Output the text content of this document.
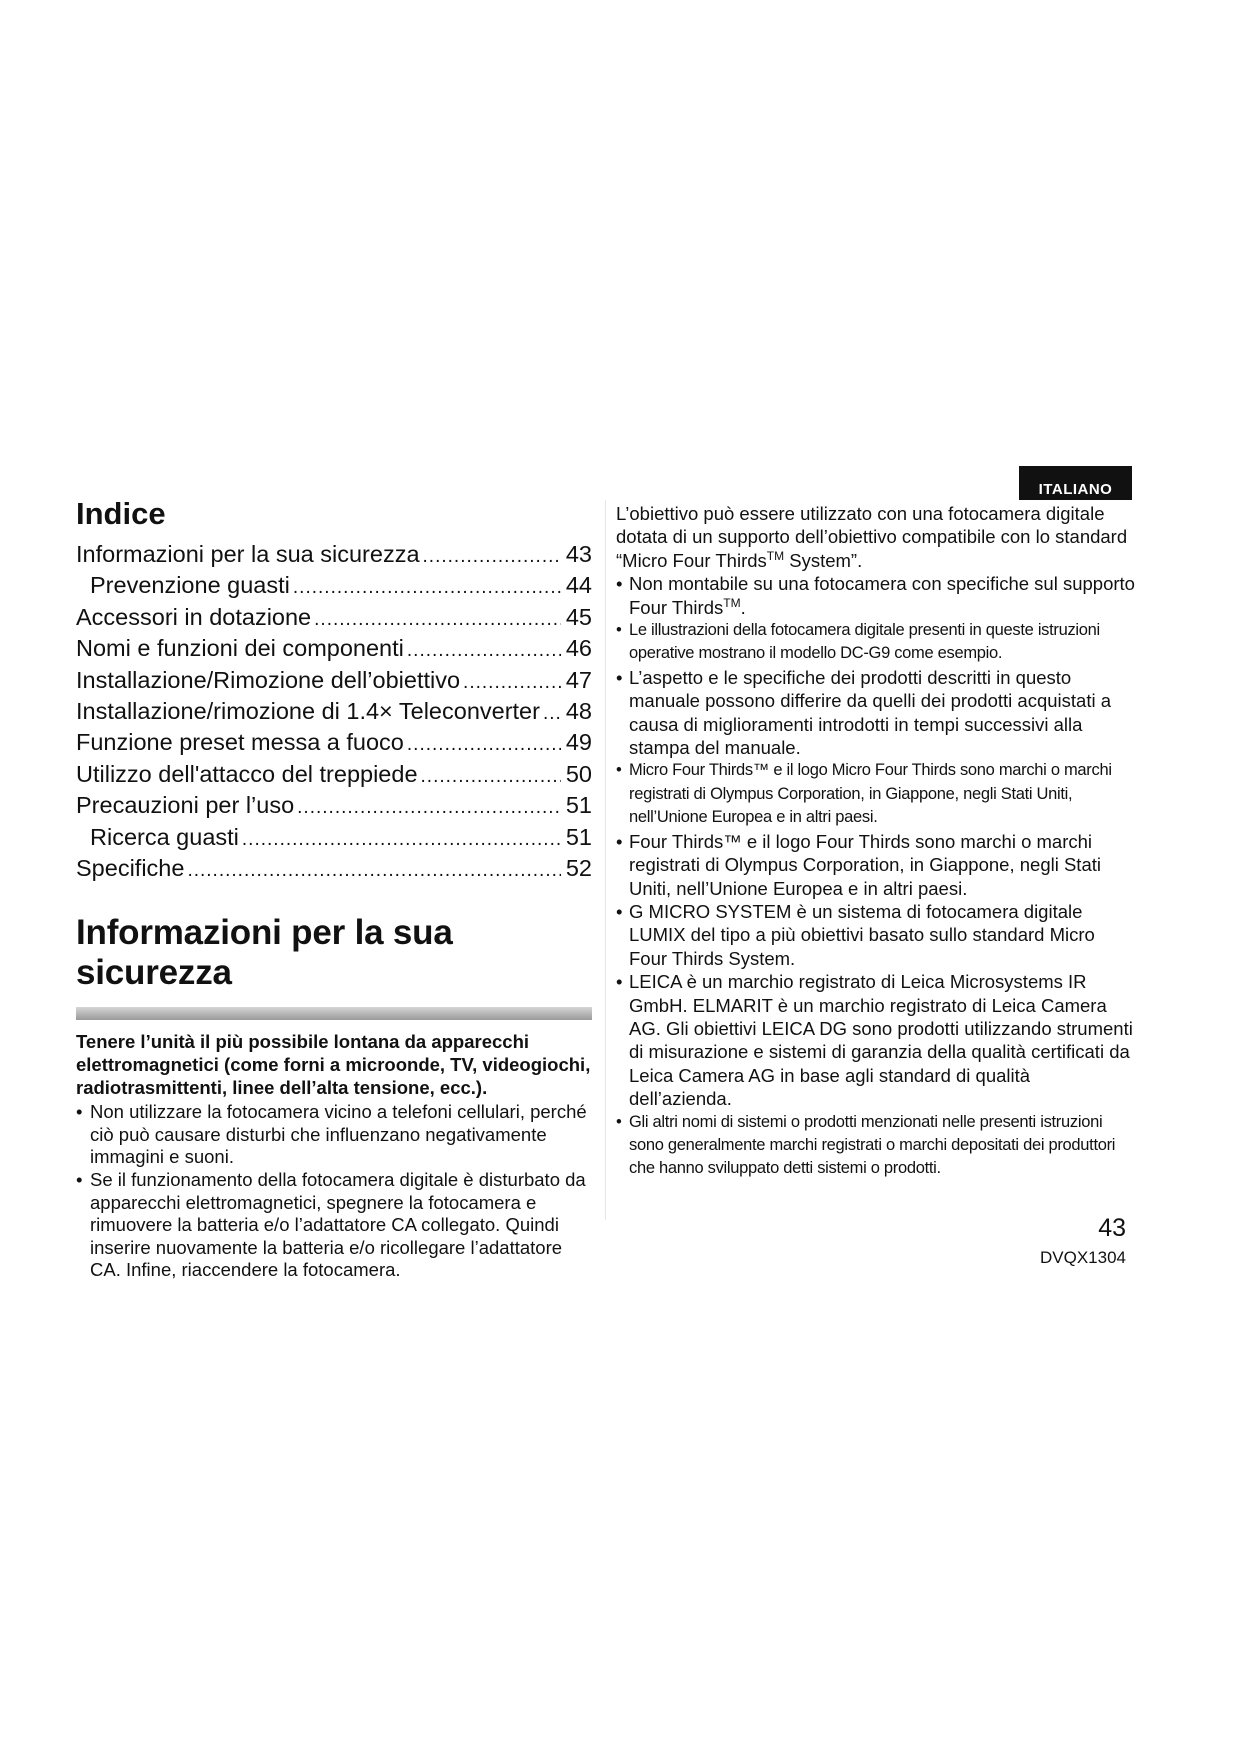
ITALIANO
Indice
Informazioni per la sua sicurezza .....	43
Prevenzione guasti .....	44
Accessori in dotazione .....	45
Nomi e funzioni dei componenti .....	46
Installazione/Rimozione dell’obiettivo .....	47
Installazione/rimozione di 1.4× Teleconverter ..... 48
Funzione preset messa a fuoco .....	49
Utilizzo dell'attacco del treppiede .....	50
Precauzioni per l’uso .....	51
Ricerca guasti .....	51
Specifiche .....	52
Informazioni per la sua sicurezza

Tenere l’unità il più possibile lontana da apparecchi elettromagnetici (come forni a microonde, TV, videogiochi, radiotrasmittenti, linee dell’alta tensione, ecc.).

• Non utilizzare la fotocamera vicino a telefoni cellulari, perché ciò può causare disturbi che influenzano negativamente immagini e suoni.
• Se il funzionamento della fotocamera digitale è disturbato da apparecchi elettromagnetici, spegnere la fotocamera e rimuovere la batteria e/o l’adattatore CA collegato. Quindi inserire nuovamente la batteria e/o ricollegare l’adattatore CA. Infine, riaccendere la fotocamera.

L’obiettivo può essere utilizzato con una fotocamera digitale dotata di un supporto dell’obiettivo compatibile con lo standard “Micro Four Thirds™ System”.

• Non montabile su una fotocamera con specifiche sul supporto Four Thirds™.
• Le illustrazioni della fotocamera digitale presenti in queste istruzioni operative mostrano il modello DC-G9 come esempio.
• L’aspetto e le specifiche dei prodotti descritti in questo manuale possono differire da quelli dei prodotti acquistati a causa di miglioramenti introdotti in tempi successivi alla stampa del manuale.
• Micro Four Thirds™ e il logo Micro Four Thirds sono marchi o marchi registrati di Olympus Corporation, in Giappone, negli Stati Uniti, nell’Unione Europea e in altri paesi.
• Four Thirds™ e il logo Four Thirds sono marchi o marchi registrati di Olympus Corporation, in Giappone, negli Stati Uniti, nell’Unione Europea e in altri paesi.
• G MICRO SYSTEM è un sistema di fotocamera digitale LUMIX del tipo a più obiettivi basato sullo standard Micro Four Thirds System.
• LEICA è un marchio registrato di Leica Microsystems IR GmbH. ELMARIT è un marchio registrato di Leica Camera AG. Gli obiettivi LEICA DG sono prodotti utilizzando strumenti di misurazione e sistemi di garanzia della qualità certificati da Leica Camera AG in base agli standard di qualità dell’azienda.
• Gli altri nomi di sistemi o prodotti menzionati nelle presenti istruzioni sono generalmente marchi registrati o marchi depositati dei produttori che hanno sviluppato detti sistemi o prodotti.
43
DVQX1304
